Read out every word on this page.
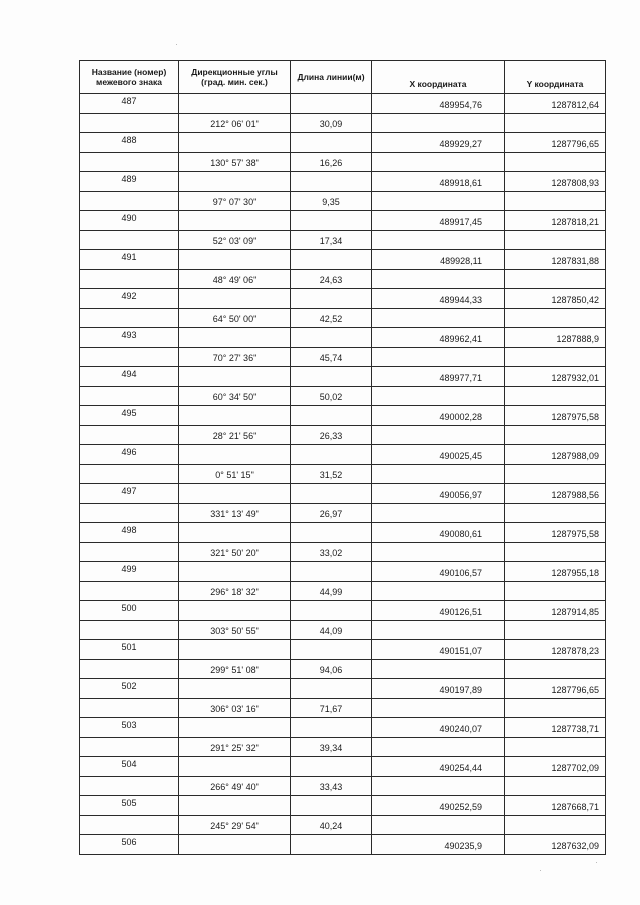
Название (номер) межевого знака	Дирекционные углы (град. мин. сек.)	Длина линии(м)	X координата	Y координата
487			489954,76	1287812,64
	212° 06' 01"	30,09		
488			489929,27	1287796,65
	130° 57' 38"	16,26		
489			489918,61	1287808,93
	97° 07' 30"	9,35		
490			489917,45	1287818,21
	52° 03' 09"	17,34		
491			489928,11	1287831,88
	48° 49' 06"	24,63		
492			489944,33	1287850,42
	64° 50' 00"	42,52		
493			489962,41	1287888,9
	70° 27' 36"	45,74		
494			489977,71	1287932,01
	60° 34' 50"	50,02		
495			490002,28	1287975,58
	28° 21' 56"	26,33		
496			490025,45	1287988,09
	0° 51' 15"	31,52		
497			490056,97	1287988,56
	331° 13' 49"	26,97		
498			490080,61	1287975,58
	321° 50' 20"	33,02		
499			490106,57	1287955,18
	296° 18' 32"	44,99		
500			490126,51	1287914,85
	303° 50' 55"	44,09		
501			490151,07	1287878,23
	299° 51' 08"	94,06		
502			490197,89	1287796,65
	306° 03' 16"	71,67		
503			490240,07	1287738,71
	291° 25' 32"	39,34		
504			490254,44	1287702,09
	266° 49' 40"	33,43		
505			490252,59	1287668,71
	245° 29' 54"	40,24		
506			490235,9	1287632,09
